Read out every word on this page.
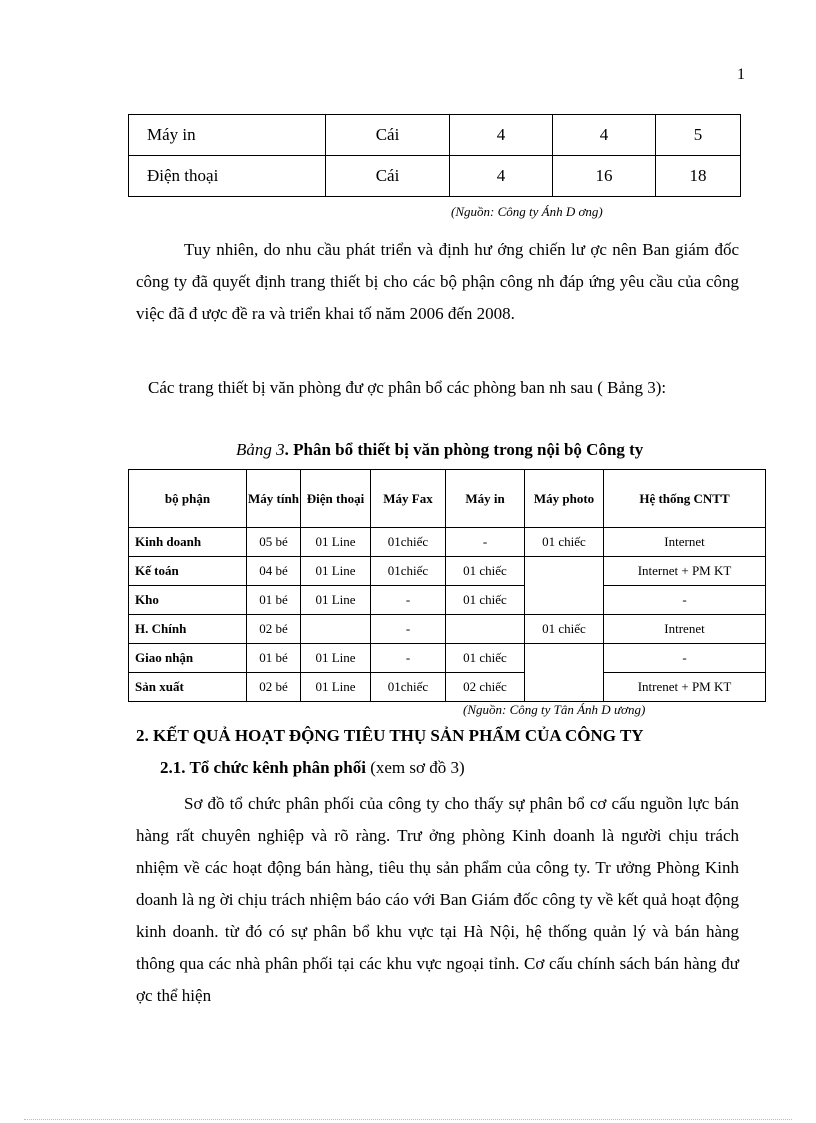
1
Máy in	Cái	4	4	5
Điện thoại	Cái	4	16	18
(Nguồn: Công ty Ánh D ơng)
Tuy nhiên, do nhu cầu phát triển và định hư ớng chiến lư ợc nên Ban giám đốc công ty đã quyết định trang thiết bị cho các bộ phận công nh đáp ứng yêu cầu của công việc đã đ ược đề ra và triển khai tố năm 2006 đến 2008.
Các trang thiết bị văn phòng đư ợc phân bổ các phòng ban nh sau ( Bảng 3):
Bảng 3. Phân bổ thiết bị văn phòng trong nội bộ Công ty
bộ phận	Máy tính	Điện thoại	Máy Fax	Máy in	Máy photo	Hệ thống CNTT
Kinh doanh	05 bé	01 Line	01chiếc	-	01 chiếc	Internet
Kế toán	04 bé	01 Line	01chiếc	01 chiếc		Internet + PM KT
Kho	01 bé	01 Line	-	01 chiếc		-
H. Chính	02 bé		-		01 chiếc	Intrenet
Giao nhận	01 bé	01 Line	-	01 chiếc		-
Sản xuất	02 bé	01 Line	01chiếc	02 chiếc		Intrenet + PM KT
(Nguồn: Công ty Tân Ánh D ương)
2. KẾT QUẢ HOẠT ĐỘNG TIÊU THỤ SẢN PHẨM CỦA CÔNG TY
2.1. Tổ chức kênh phân phối (xem sơ đồ 3)
Sơ đồ tổ chức phân phối của công ty cho thấy sự phân bổ cơ cấu nguồn lực bán hàng rất chuyên nghiệp và rõ ràng. Trư ởng phòng Kinh doanh là người chịu trách nhiệm về các hoạt động bán hàng, tiêu thụ sản phẩm của công ty. Tr ưởng Phòng Kinh doanh là ng ời chịu trách nhiệm báo cáo với Ban Giám đốc công ty về kết quả hoạt động kinh doanh. từ đó có sự phân bổ khu vực tại Hà Nội, hệ thống quản lý và bán hàng thông qua các nhà phân phối tại các khu vực ngoại tỉnh. Cơ cấu chính sách bán hàng đư ợc thể hiện
